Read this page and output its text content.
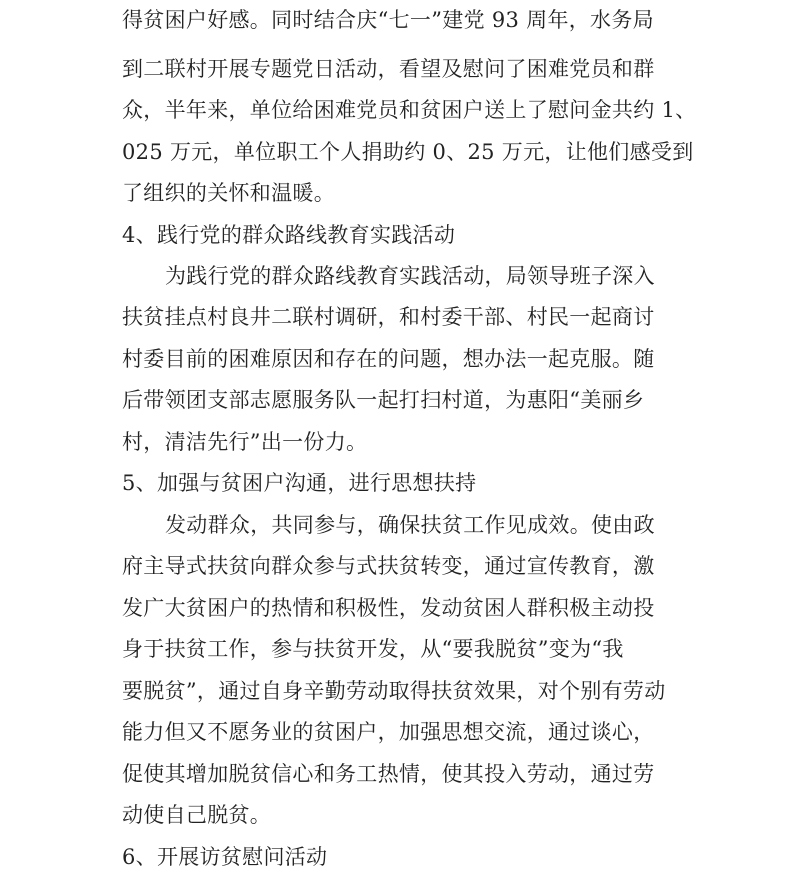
得贫困户好感。同时结合庆“七一”建党 93 周年，水务局
到二联村开展专题党日活动，看望及慰问了困难党员和群
众，半年来，单位给困难党员和贫困户送上了慰问金共约 1、
025 万元，单位职工个人捐助约 0、25 万元，让他们感受到
了组织的关怀和温暖。
4、践行党的群众路线教育实践活动
为践行党的群众路线教育实践活动，局领导班子深入
扶贫挂点村良井二联村调研，和村委干部、村民一起商讨
村委目前的困难原因和存在的问题，想办法一起克服。随
后带领团支部志愿服务队一起打扫村道，为惠阳“美丽乡
村，清洁先行”出一份力。
5、加强与贫困户沟通，进行思想扶持
发动群众，共同参与，确保扶贫工作见成效。使由政
府主导式扶贫向群众参与式扶贫转变，通过宣传教育，激
发广大贫困户的热情和积极性，发动贫困人群积极主动投
身于扶贫工作，参与扶贫开发，从“要我脱贫”变为“我
要脱贫”，通过自身辛勤劳动取得扶贫效果，对个别有劳动
能力但又不愿务业的贫困户，加强思想交流，通过谈心，
促使其增加脱贫信心和务工热情，使其投入劳动，通过劳
动使自己脱贫。
6、开展访贫慰问活动
